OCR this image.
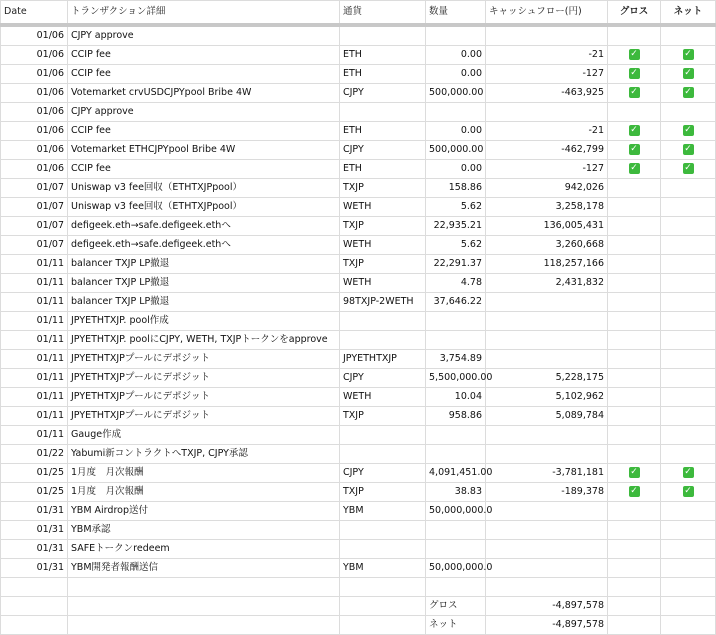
Date	トランザクション詳細	通貨	数量	キャッシュフロー(円)	グロス	ネット
01/06	CJPY approve					
01/06	CCIP fee	ETH	0.00	-21	✓	✓
01/06	CCIP fee	ETH	0.00	-127	✓	✓
01/06	Votemarket crvUSDCJPYpool Bribe 4W	CJPY	500,000.00	-463,925	✓	✓
01/06	CJPY approve					
01/06	CCIP fee	ETH	0.00	-21	✓	✓
01/06	Votemarket ETHCJPYpool Bribe 4W	CJPY	500,000.00	-462,799	✓	✓
01/06	CCIP fee	ETH	0.00	-127	✓	✓
01/07	Uniswap v3 fee回収（ETHTXJPpool）	TXJP	158.86	942,026		
01/07	Uniswap v3 fee回収（ETHTXJPpool）	WETH	5.62	3,258,178		
01/07	defigeek.eth→safe.defigeek.ethへ	TXJP	22,935.21	136,005,431		
01/07	defigeek.eth→safe.defigeek.ethへ	WETH	5.62	3,260,668		
01/11	balancer TXJP LP撤退	TXJP	22,291.37	118,257,166		
01/11	balancer TXJP LP撤退	WETH	4.78	2,431,832		
01/11	balancer TXJP LP撤退	98TXJP-2WETH	37,646.22			
01/11	JPYETHTXJP. pool作成					
01/11	JPYETHTXJP. poolにCJPY, WETH, TXJPトークンをapprove					
01/11	JPYETHTXJPプールにデポジット	JPYETHTXJP	3,754.89			
01/11	JPYETHTXJPプールにデポジット	CJPY	5,500,000.00	5,228,175		
01/11	JPYETHTXJPプールにデポジット	WETH	10.04	5,102,962		
01/11	JPYETHTXJPプールにデポジット	TXJP	958.86	5,089,784		
01/11	Gauge作成					
01/22	Yabumi新コントラクトへTXJP, CJPY承認					
01/25	1月度　月次報酬	CJPY	4,091,451.00	-3,781,181	✓	✓
01/25	1月度　月次報酬	TXJP	38.83	-189,378	✓	✓
01/31	YBM Airdrop送付	YBM	50,000,000.0			
01/31	YBM承認					
01/31	SAFEトークンredeem					
01/31	YBM開発者報酬送信	YBM	50,000,000.0			

			グロス	-4,897,578		
			ネット	-4,897,578		
